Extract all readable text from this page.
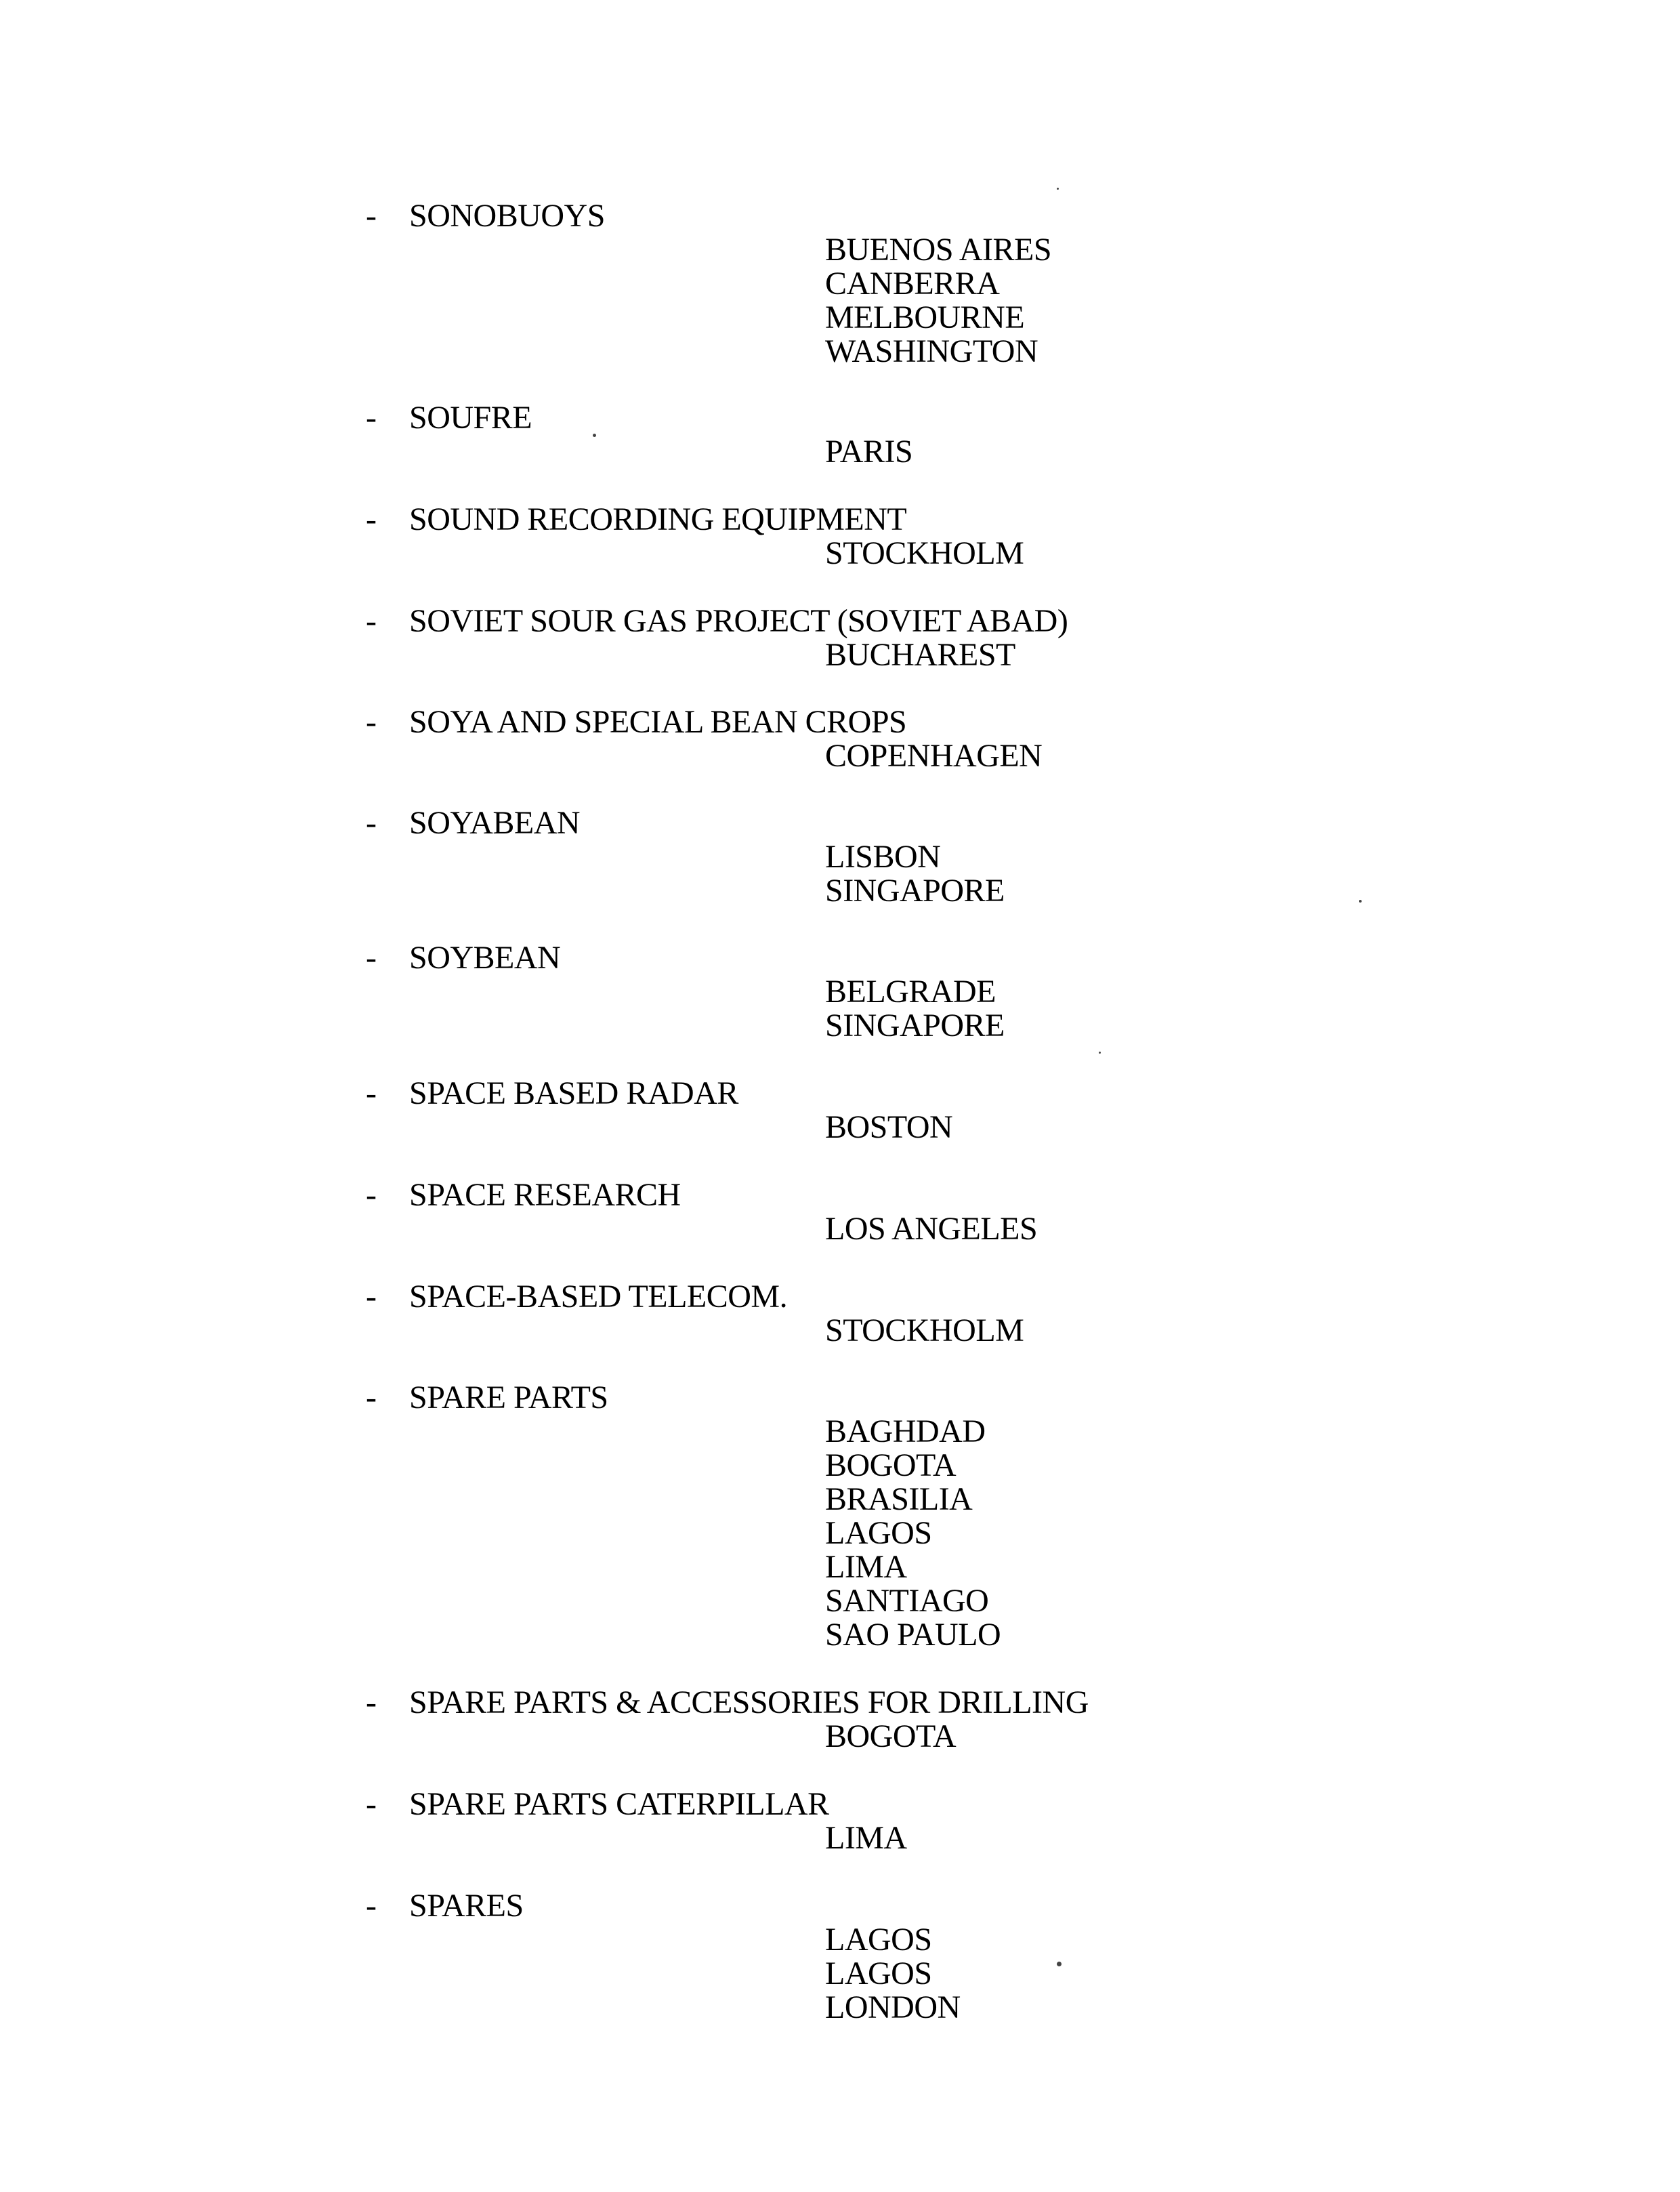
- SONOBUOYS
BUENOS AIRES
CANBERRA
MELBOURNE
WASHINGTON
- SOUFRE
PARIS
- SOUND RECORDING EQUIPMENT
STOCKHOLM
- SOVIET SOUR GAS PROJECT (SOVIET ABAD)
BUCHAREST
- SOYA AND SPECIAL BEAN CROPS
COPENHAGEN
- SOYABEAN
LISBON
SINGAPORE
- SOYBEAN
BELGRADE
SINGAPORE
- SPACE BASED RADAR
BOSTON
- SPACE RESEARCH
LOS ANGELES
- SPACE-BASED TELECOM.
STOCKHOLM
- SPARE PARTS
BAGHDAD
BOGOTA
BRASILIA
LAGOS
LIMA
SANTIAGO
SAO PAULO
- SPARE PARTS & ACCESSORIES FOR DRILLING
BOGOTA
- SPARE PARTS CATERPILLAR
LIMA
- SPARES
LAGOS
LAGOS
LONDON
